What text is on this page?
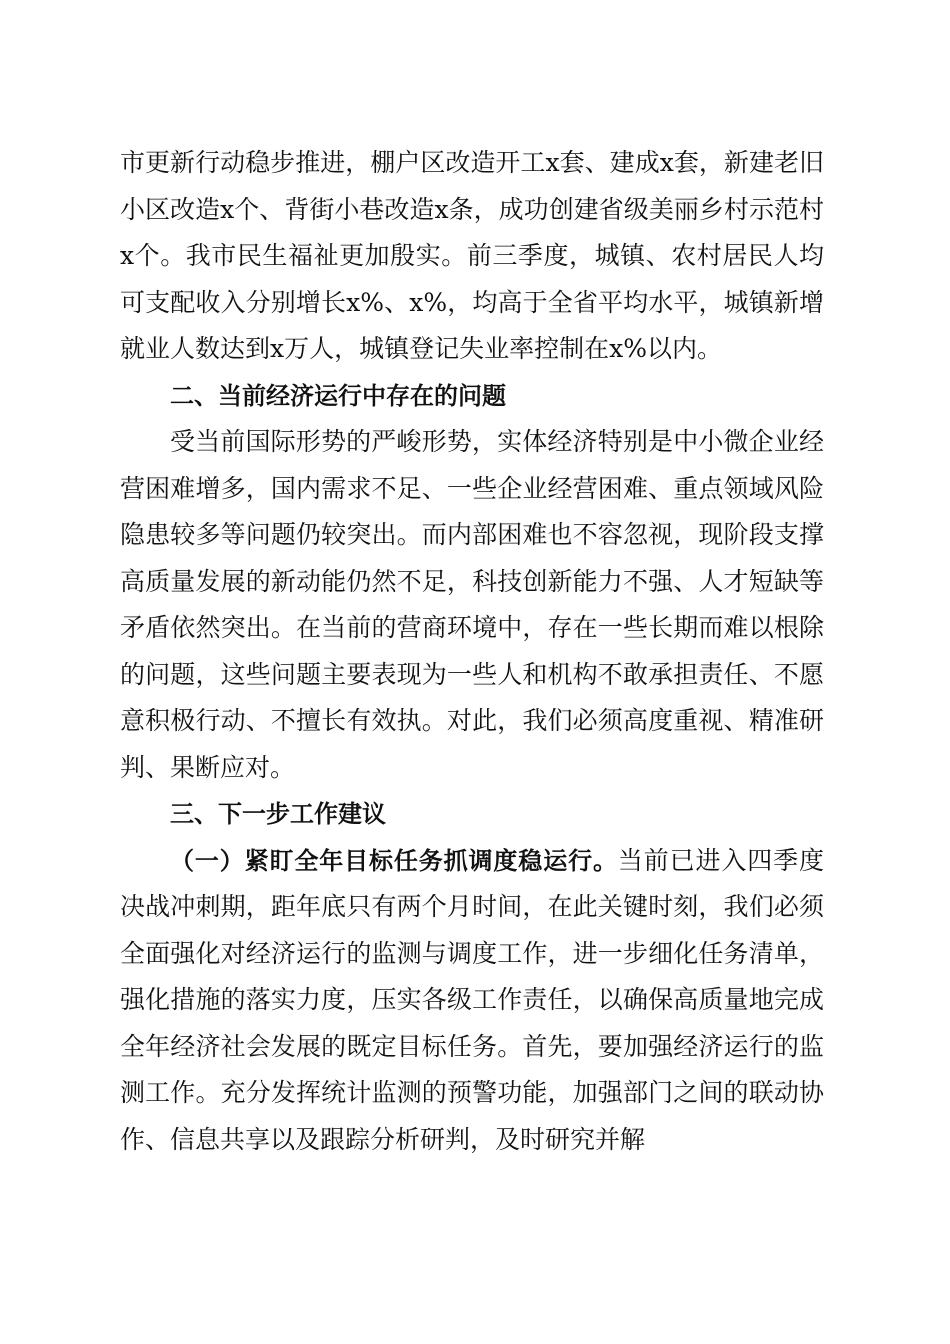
市更新行动稳步推进，棚户区改造开工x套、建成x套，新建老旧小区改造x个、背街小巷改造x条，成功创建省级美丽乡村示范村x个。我市民生福祉更加殷实。前三季度，城镇、农村居民人均可支配收入分别增长x%、x%，均高于全省平均水平，城镇新增就业人数达到x万人，城镇登记失业率控制在x%以内。

二、当前经济运行中存在的问题

受当前国际形势的严峻形势，实体经济特别是中小微企业经营困难增多，国内需求不足、一些企业经营困难、重点领域风险隐患较多等问题仍较突出。而内部困难也不容忽视，现阶段支撑高质量发展的新动能仍然不足，科技创新能力不强、人才短缺等矛盾依然突出。在当前的营商环境中，存在一些长期而难以根除的问题，这些问题主要表现为一些人和机构不敢承担责任、不愿意积极行动、不擅长有效执。对此，我们必须高度重视、精准研判、果断应对。

三、下一步工作建议

（一）紧盯全年目标任务抓调度稳运行。当前已进入四季度决战冲刺期，距年底只有两个月时间，在此关键时刻，我们必须全面强化对经济运行的监测与调度工作，进一步细化任务清单，强化措施的落实力度，压实各级工作责任，以确保高质量地完成全年经济社会发展的既定目标任务。首先，要加强经济运行的监测工作。充分发挥统计监测的预警功能，加强部门之间的联动协作、信息共享以及跟踪分析研判，及时研究并解
